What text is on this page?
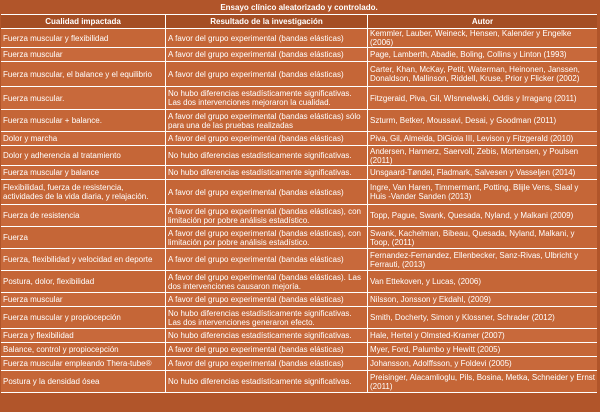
Ensayo clínico aleatorizado y controlado.		
Cualidad impactada	Resultado de la investigación	Autor
Fuerza muscular y flexibilidad	A favor del grupo experimental (bandas elásticas)	Kemmler, Lauber, Weineck, Hensen, Kalender y Engelke (2006)
Fuerza muscular	A favor del grupo experimental (bandas elásticas)	Page, Lamberth, Abadie, Boling, Collins y Linton (1993)
Fuerza muscular, el balance y el equilibrio	A favor del grupo experimental (bandas elásticas)	Carter, Khan, McKay, Petit, Waterman, Heinonen, Janssen, Donaldson, Mallinson, Riddell, Kruse, Prior y Flicker (2002)
Fuerza muscular.	No hubo diferencias estadísticamente significativas. Las dos intervenciones mejoraron la cualidad.	Fitzgeraid, Piva, Gil, WIsnnelwski, Oddis y Irragang (2011)
Fuerza muscular + balance.	A favor del grupo experimental (bandas elásticas) sólo para una de las pruebas realizadas	Szturm, Betker, Moussavi, Desai, y Goodman (2011)
Dolor y marcha	A favor del grupo experimental (bandas elásticas)	Piva, Gil, Almeida, DiGioia III, Levison y Fitzgerald (2010)
Dolor y adherencia al tratamiento	No hubo diferencias estadísticamente significativas.	Andersen, Hannerz, Saervoll, Zebis, Mortensen, y Poulsen (2011)
Fuerza muscular y balance	No hubo diferencias estadísticamente significativas.	Unsgaard-Tøndel, Fladmark, Salvesen y Vasseljen (2014)
Flexibilidad, fuerza de resistencia, actividades de la vida diaria, y relajación.	A favor del grupo experimental (bandas elásticas)	Ingre, Van Haren, Timmermant, Potting, Blijle Vens, Slaal y Huis -Vander Sanden (2013)
Fuerza de resistencia	A favor del grupo experimental (bandas elásticas), con limitación por pobre análisis estadístico.	Topp, Pague, Swank, Quesada, Nyland, y Malkani (2009)
Fuerza	A favor del grupo experimental (bandas elásticas), con limitación por pobre análisis estadístico.	Swank, Kachelman, Bibeau, Quesada, Nyland, Malkani, y Toop, (2011)
Fuerza, flexibilidad y velocidad en deporte	A favor del grupo experimental (bandas elásticas)	Fernandez-Fernandez, Ellenbecker, Sanz-Rivas, Ulbricht y Ferrauti, (2013)
Postura, dolor, flexibilidad	A favor del grupo experimental (bandas elásticas). Las dos intervenciones causaron mejoría.	Van Ettekoven, y Lucas, (2006)
Fuerza muscular	A favor del grupo experimental (bandas elásticas)	Nilsson, Jonsson y Ekdahl, (2009)
Fuerza muscular y propiocepción	No hubo diferencias estadísticamente significativas. Las dos intervenciones generaron efecto.	Smith, Docherty, Simon y Klossner, Schrader (2012)
Fuerza y flexibilidad	No hubo diferencias estadísticamente significativas.	Hale, Hertel y Olmsted-Kramer (2007)
Balance, control y propiocepción	A favor del grupo experimental (bandas elásticas)	Myer, Ford, Palumbo y Hewitt (2005)
Fuerza muscular empleando Thera-tube®	A favor del grupo experimental (bandas elásticas)	Johansson, Adolffsson, y Foldevi (2005)
Postura y la densidad ósea	No hubo diferencias estadísticamente significativas.	Preisinger, Alacamlioglu, Pils, Bosina, Metka, Schneider y Ernst (2011)
